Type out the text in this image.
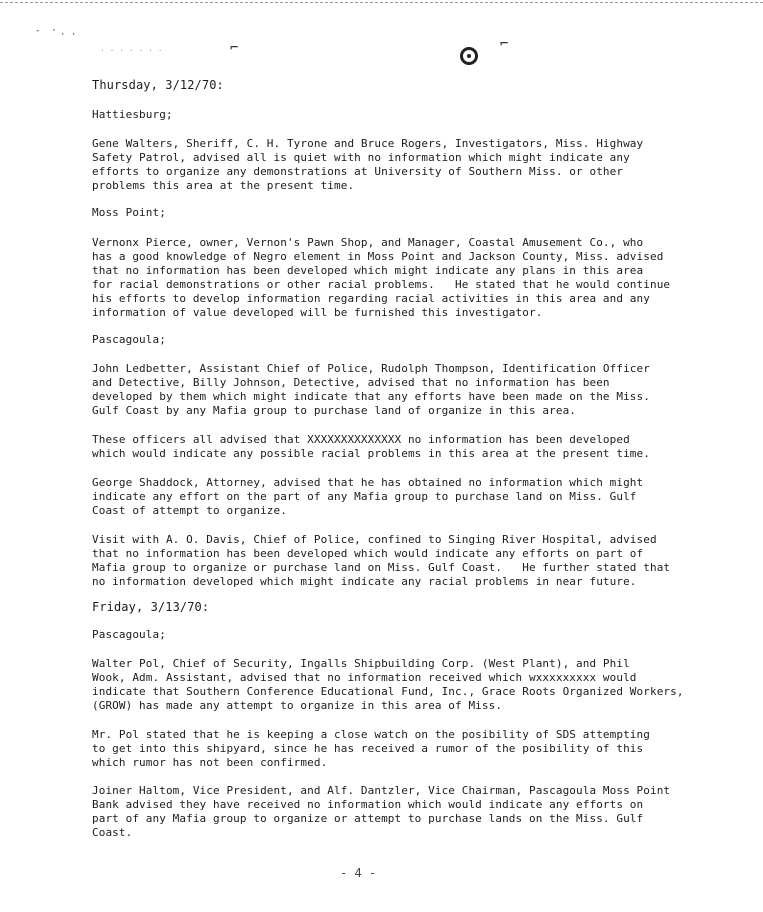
-  · · ·
· · · · · · ·	⌐	⌐
Thursday, 3/12/70:
Hattiesburg;
Gene Walters, Sheriff, C. H. Tyrone and Bruce Rogers, Investigators, Miss. Highway
Safety Patrol, advised all is quiet with no information which might indicate any
efforts to organize any demonstrations at University of Southern Miss. or other
problems this area at the present time.
Moss Point;
Vernonx Pierce, owner, Vernon's Pawn Shop, and Manager, Coastal Amusement Co., who
has a good knowledge of Negro element in Moss Point and Jackson County, Miss. advised
that no information has been developed which might indicate any plans in this area
for racial demonstrations or other racial problems.   He stated that he would continue
his efforts to develop information regarding racial activities in this area and any
information of value developed will be furnished this investigator.
Pascagoula;
John Ledbetter, Assistant Chief of Police, Rudolph Thompson, Identification Officer
and Detective, Billy Johnson, Detective, advised that no information has been
developed by them which might indicate that any efforts have been made on the Miss.
Gulf Coast by any Mafia group to purchase land of organize in this area.
These officers all advised that XXXXXXXXXXXXXX no information has been developed
which would indicate any possible racial problems in this area at the present time.
George Shaddock, Attorney, advised that he has obtained no information which might
indicate any effort on the part of any Mafia group to purchase land on Miss. Gulf
Coast of attempt to organize.
Visit with A. O. Davis, Chief of Police, confined to Singing River Hospital, advised
that no information has been developed which would indicate any efforts on part of
Mafia group to organize or purchase land on Miss. Gulf Coast.   He further stated that
no information developed which might indicate any racial problems in near future.
Friday, 3/13/70:
Pascagoula;
Walter Pol, Chief of Security, Ingalls Shipbuilding Corp. (West Plant), and Phil
Wook, Adm. Assistant, advised that no information received which wxxxxxxxxx would
indicate that Southern Conference Educational Fund, Inc., Grace Roots Organized Workers,
(GROW) has made any attempt to organize in this area of Miss.
Mr. Pol stated that he is keeping a close watch on the posibility of SDS attempting
to get into this shipyard, since he has received a rumor of the posibility of this
which rumor has not been confirmed.
Joiner Haltom, Vice President, and Alf. Dantzler, Vice Chairman, Pascagoula Moss Point
Bank advised they have received no information which would indicate any efforts on
part of any Mafia group to organize or attempt to purchase lands on the Miss. Gulf
Coast.
- 4 -
